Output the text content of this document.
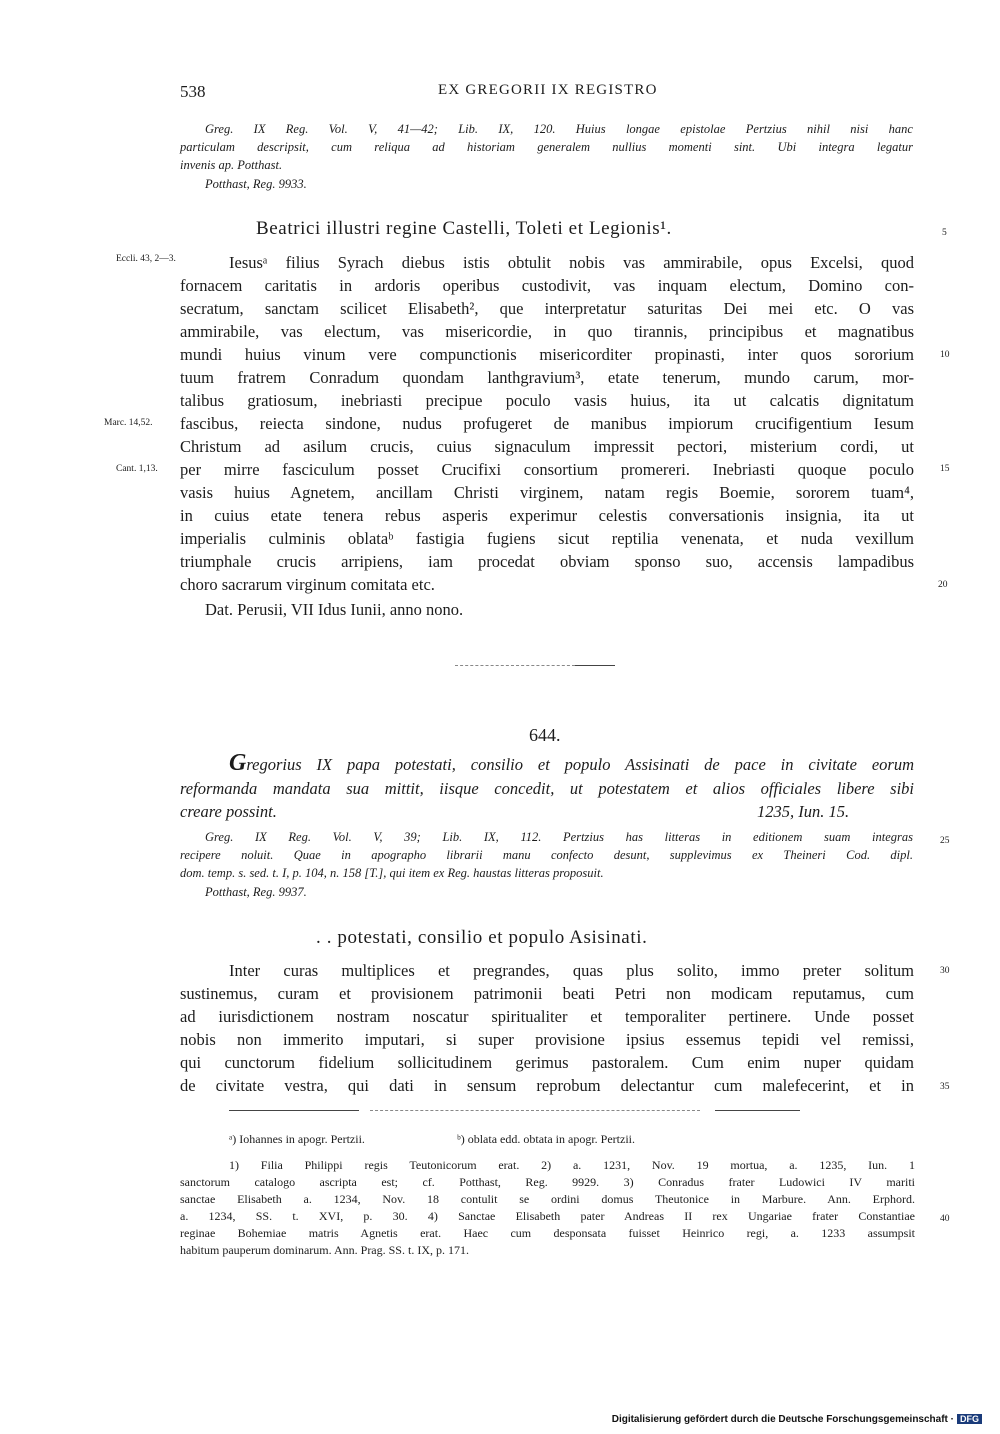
538	EX GREGORII IX REGISTRO
Greg. IX Reg. Vol. V, 41—42; Lib. IX, 120. Huius longae epistolae Pertzius nihil nisi hanc
particulam descripsit, cum reliqua ad historiam generalem nullius momenti sint. Ubi integra legatur
invenis ap. Potthast.
Potthast, Reg. 9933.
Beatrici illustri regine Castelli, Toleti et Legionis¹.
Iesusᵃ filius Syrach diebus istis obtulit nobis vas ammirabile, opus Excelsi, quod
fornacem caritatis in ardoris operibus custodivit, vas inquam electum, Domino con-
secratum, sanctam scilicet Elisabeth², que interpretatur saturitas Dei mei etc. O vas
ammirabile, vas electum, vas misericordie, in quo tirannis, principibus et magnatibus
mundi huius vinum vere compunctionis misericorditer propinasti, inter quos sororium
tuum fratrem Conradum quondam lanthgravium³, etate tenerum, mundo carum, mor-
talibus gratiosum, inebriasti precipue poculo vasis huius, ita ut calcatis dignitatum
fascibus, reiecta sindone, nudus profugeret de manibus impiorum crucifigentium Iesum
Christum ad asilum crucis, cuius signaculum impressit pectori, misterium cordi, ut
per mirre fasciculum posset Crucifixi consortium promereri. Inebriasti quoque poculo
vasis huius Agnetem, ancillam Christi virginem, natam regis Boemie, sororem tuam⁴,
in cuius etate tenera rebus asperis experimur celestis conversationis insignia, ita ut
imperialis culminis oblataᵇ fastigia fugiens sicut reptilia venenata, et nuda vexillum
triumphale crucis arripiens, iam procedat obviam sponso suo, accensis lampadibus
choro sacrarum virginum comitata etc.
Dat. Perusii, VII Idus Iunii, anno nono.
Eccli. 43, 2—3.
Marc. 14,52.
Cant. 1,13.
5
10
15
20
644.
Gregorius IX papa potestati, consilio et populo Assisinati de pace in civitate eorum
reformanda mandata sua mittit, iisque concedit, ut potestatem et alios officiales libere sibi
creare possint.	1235, Iun. 15.
Greg. IX Reg. Vol. V, 39; Lib. IX, 112. Pertzius has litteras in editionem suam integras
recipere noluit. Quae in apographo librarii manu confecto desunt, supplevimus ex Theineri Cod. dipl.
dom. temp. s. sed. t. I, p. 104, n. 158 [T.], qui item ex Reg. haustas litteras proposuit.
Potthast, Reg. 9937.
. . potestati, consilio et populo Asisinati.
Inter curas multiplices et pregrandes, quas plus solito, immo preter solitum
sustinemus, curam et provisionem patrimonii beati Petri non modicam reputamus, cum
ad iurisdictionem nostram noscatur spiritualiter et temporaliter pertinere. Unde posset
nobis non immerito imputari, si super provisione ipsius essemus tepidi vel remissi,
qui cunctorum fidelium sollicitudinem gerimus pastoralem. Cum enim nuper quidam
de civitate vestra, qui dati in sensum reprobum delectantur cum malefecerint, et in
25
30
35
ᵃ) Iohannes in apogr. Pertzii.	ᵇ) oblata edd. obtata in apogr. Pertzii.
1) Filia Philippi regis Teutonicorum erat. 2) a. 1231, Nov. 19 mortua, a. 1235, Iun. 1
sanctorum catalogo ascripta est; cf. Potthast, Reg. 9929. 3) Conradus frater Ludowici IV mariti
sanctae Elisabeth a. 1234, Nov. 18 contulit se ordini domus Theutonice in Marbure. Ann. Erphord.
a. 1234, SS. t. XVI, p. 30. 4) Sanctae Elisabeth pater Andreas II rex Ungariae frater Constantiae
reginae Bohemiae matris Agnetis erat. Haec cum desponsata fuisset Heinrico regi, a. 1233 assumpsit
habitum pauperum dominarum. Ann. Prag. SS. t. IX, p. 171.
40
Digitalisierung gefördert durch die Deutsche Forschungsgemeinschaft · DFG
